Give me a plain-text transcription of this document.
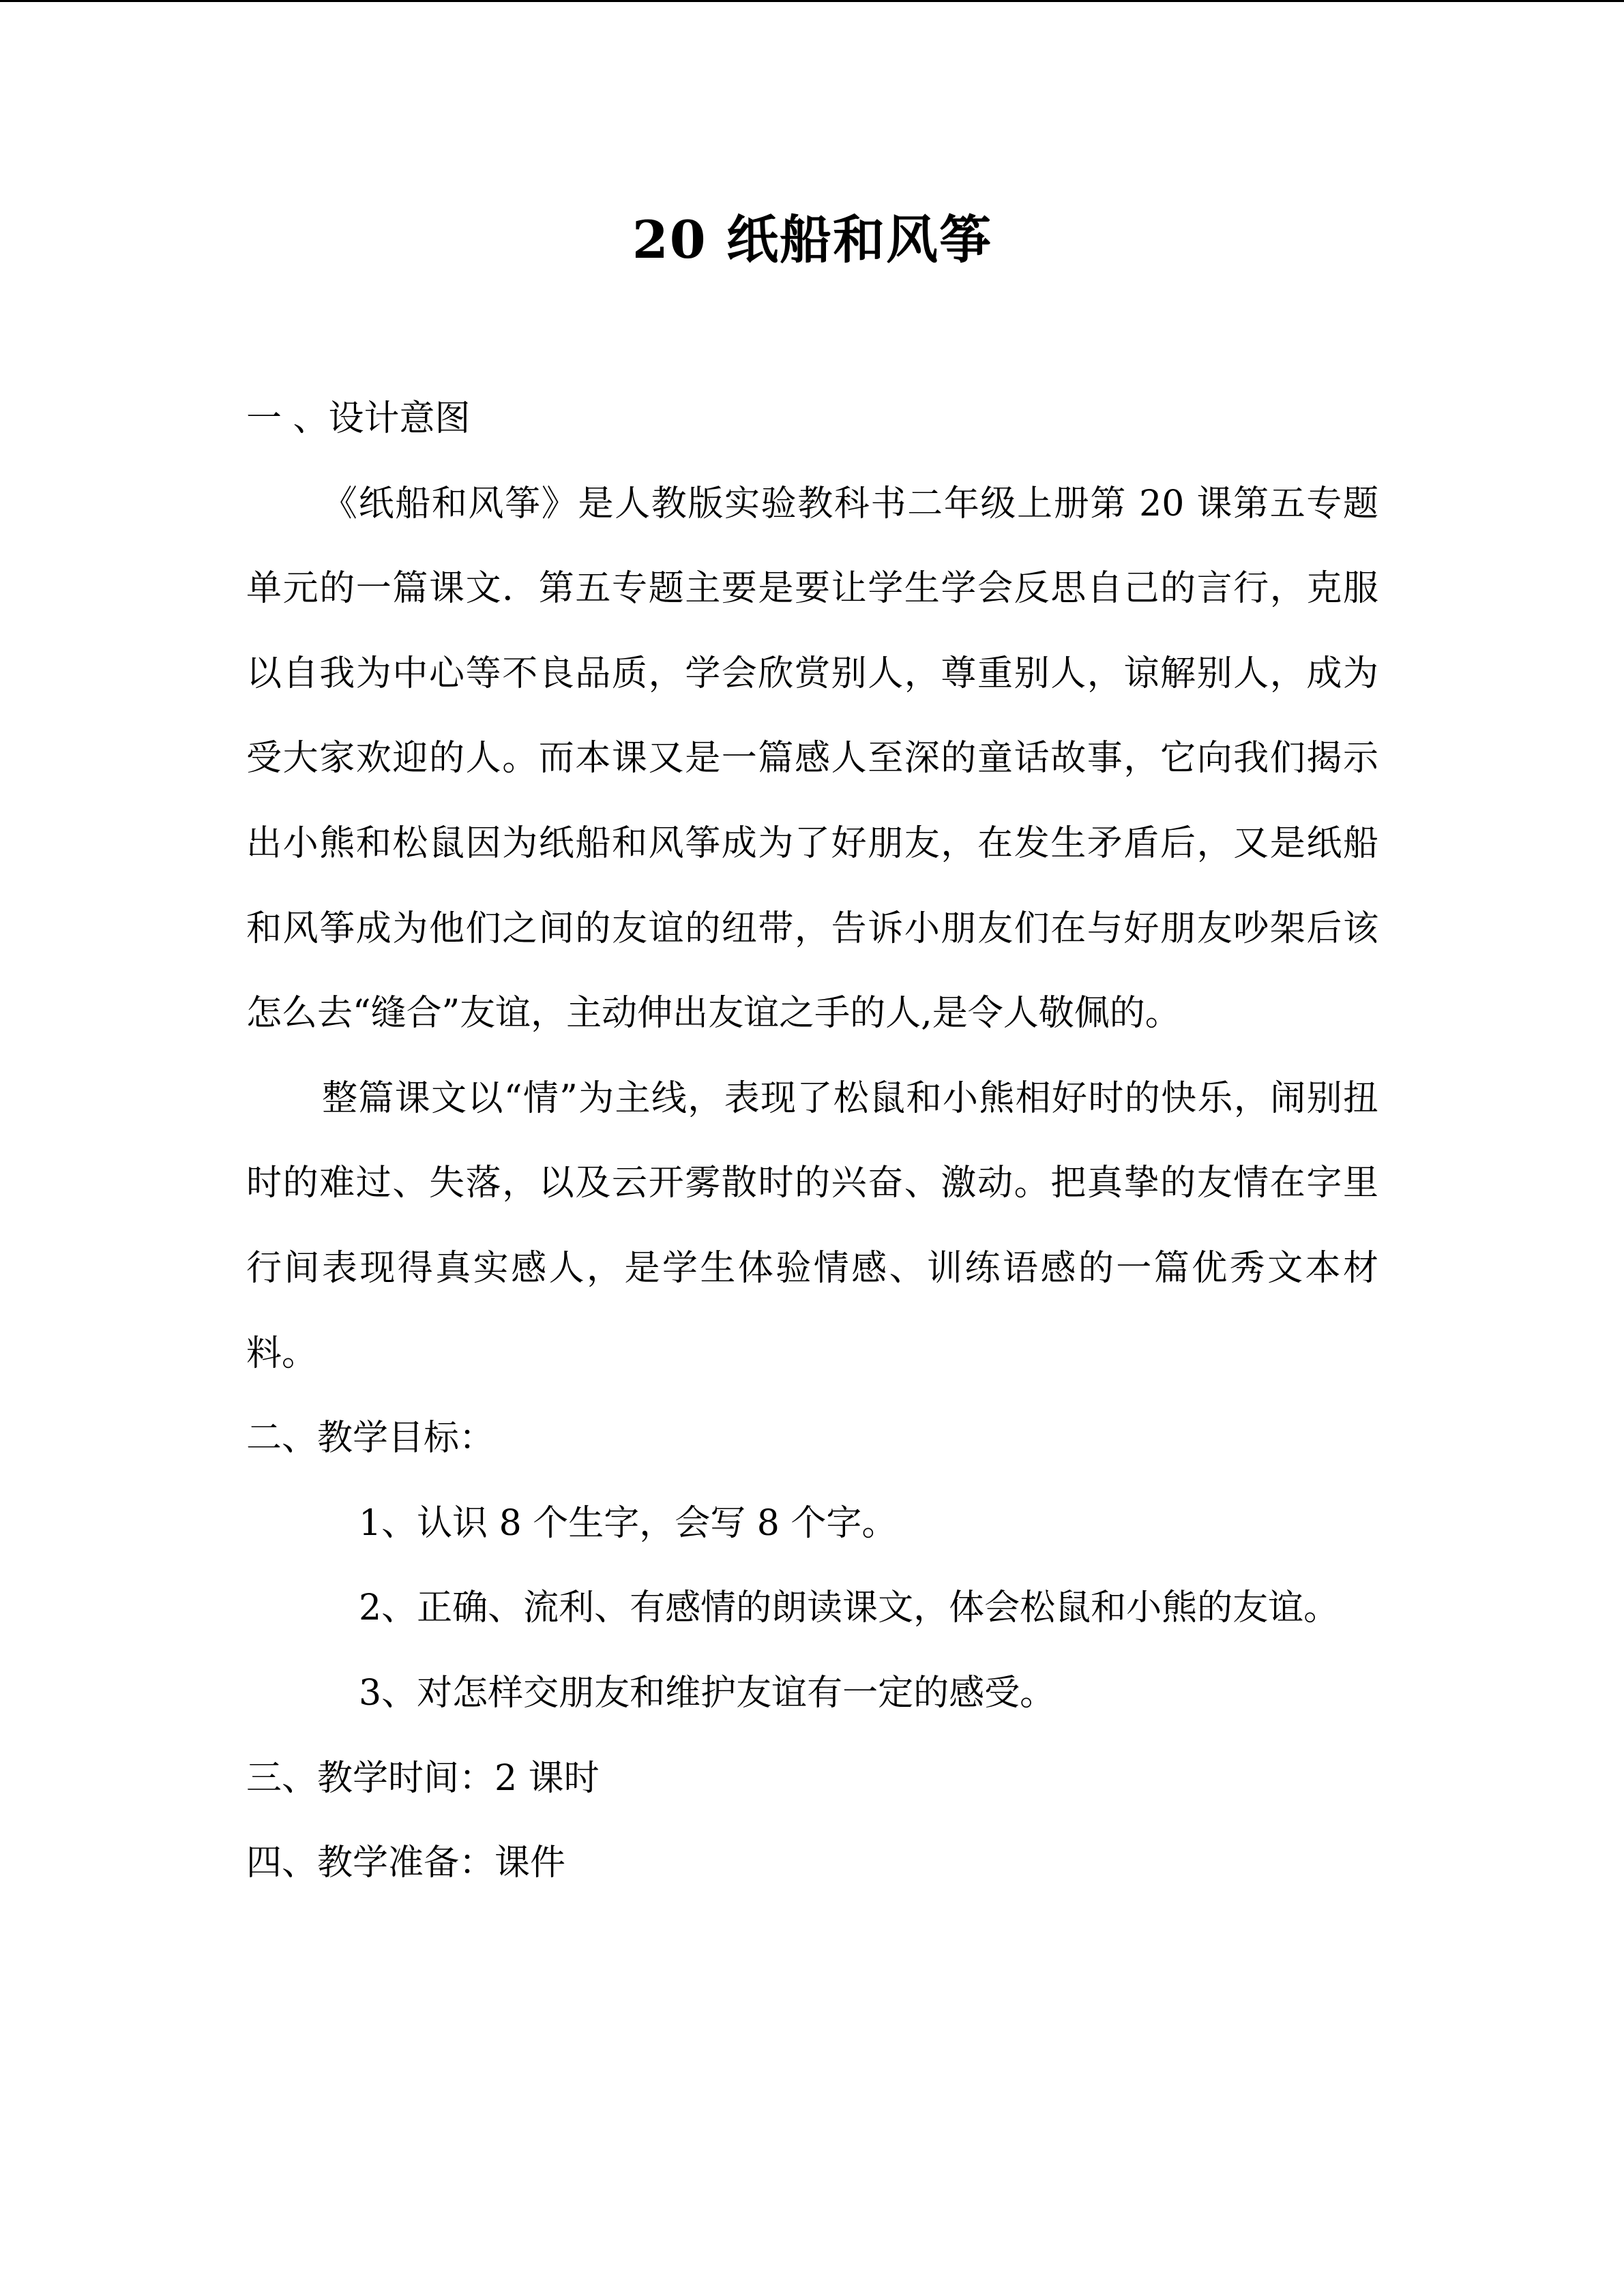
20 纸船和风筝

一 、设计意图

《纸船和风筝》是人教版实验教科书二年级上册第 20 课第五专题单元的一篇课文．第五专题主要是要让学生学会反思自己的言行，克服以自我为中心等不良品质，学会欣赏别人，尊重别人，谅解别人，成为受大家欢迎的人。而本课又是一篇感人至深的童话故事，它向我们揭示出小熊和松鼠因为纸船和风筝成为了好朋友，在发生矛盾后，又是纸船和风筝成为他们之间的友谊的纽带，告诉小朋友们在与好朋友吵架后该怎么去“缝合”友谊，主动伸出友谊之手的人,是令人敬佩的。

整篇课文以“情”为主线，表现了松鼠和小熊相好时的快乐，闹别扭时的难过、失落，以及云开雾散时的兴奋、激动。把真挚的友情在字里行间表现得真实感人，是学生体验情感、训练语感的一篇优秀文本材料。

二、教学目标：

1、认识 8 个生字，会写 8 个字。

2、正确、流利、有感情的朗读课文，体会松鼠和小熊的友谊。

3、对怎样交朋友和维护友谊有一定的感受。

三、教学时间：2 课时

四、教学准备：课件
